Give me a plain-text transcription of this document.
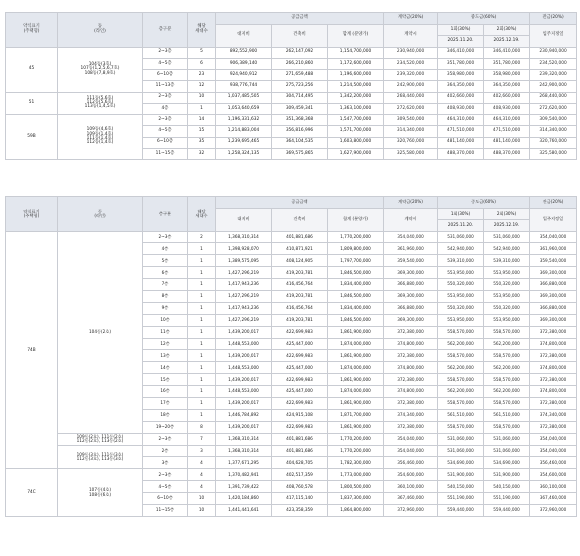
약식표기
(주택형)	동
(라인)	층구분	해당
세대수	공급금액			계약금(20%)	중도금(60%)		잔금(20%)
				대지비	건축비	합계 (분양가)	계약시	1회(30%)	2회(30%)	입주지정일
								2025.11.20.	2025.12.19.	
45	104동(3호)
107동(1,2,5,6,7호)
108동(7,8,9호)	2~3층	5	892,552,900	262,147,092	1,154,700,000	230,940,000	346,410,000	346,410,000	230,940,000
		4~5층	6	906,389,140	266,210,860	1,172,600,000	234,520,000	351,780,000	351,780,000	234,520,000
		6~10층	23	924,940,912	271,659,488	1,196,600,000	239,320,000	358,980,000	358,980,000	239,320,000
		11~13층	12	938,776,744	275,723,256	1,214,500,000	242,900,000	364,350,000	364,350,000	242,900,000
51	111동(5,6호)
112동(5,6호)
113동(1,4,5호)	2~3층	10	1,037,485,505	304,714,495	1,342,200,000	268,440,000	402,660,000	402,660,000	268,440,000
		4층	1	1,053,640,659	309,459,341	1,363,100,000	272,620,000	408,930,000	408,930,000	272,620,000
59B	109동(4,6호)
109동(1,4호)
111동(1,4호)
112동(1,4호)	2~3층	14	1,196,331,632	351,368,368	1,547,700,000	309,540,000	464,310,000	464,310,000	309,540,000
		4~5층	15	1,214,883,004	356,816,996	1,571,700,000	314,340,000	471,510,000	471,510,000	314,340,000
		6~10층	35	1,239,695,465	364,104,535	1,603,800,000	320,760,000	481,140,000	481,140,000	320,760,000
		11~15층	32	1,258,324,135	369,575,865	1,627,900,000	325,580,000	488,370,000	488,370,000	325,580,000
약식표기
(주택형)	동
(라인)	층구분	해당
세대수	공급금액			계약금(20%)	중도금(60%)		잔금(20%)
				대지비	건축비	합계 (분양가)	계약시	1회(30%)	2회(30%)	입주지정일
								2025.11.20.	2025.12.19.	
74B	104동(2호)	2~3층	2	1,368,310,314	401,881,686	1,770,200,000	354,040,000	531,060,000	531,060,000	354,040,000
		4층	1	1,398,928,070	410,871,921	1,809,800,000	361,960,000	542,940,000	542,940,000	361,960,000
		5층	1	1,389,575,095	408,124,905	1,797,700,000	359,540,000	539,310,000	539,310,000	359,540,000
		6층	1	1,427,296,219	419,203,781	1,846,500,000	369,300,000	553,950,000	553,950,000	369,300,000
		7층	1	1,417,943,236	416,456,764	1,834,400,000	366,880,000	550,320,000	550,320,000	366,880,000
		8층	1	1,427,296,219	419,203,781	1,846,500,000	369,300,000	553,950,000	553,950,000	369,300,000
		9층	1	1,417,943,236	416,456,764	1,834,400,000	366,880,000	550,320,000	550,320,000	366,880,000
		10층	1	1,427,296,219	419,203,781	1,846,500,000	369,300,000	553,950,000	553,950,000	369,300,000
		11층	1	1,439,200,017	422,699,983	1,861,900,000	372,380,000	558,570,000	558,570,000	372,380,000
		12층	1	1,448,553,000	425,447,000	1,874,000,000	374,800,000	562,200,000	562,200,000	374,800,000
		13층	1	1,439,200,017	422,699,983	1,861,900,000	372,380,000	558,570,000	558,570,000	372,380,000
		14층	1	1,448,553,000	425,447,000	1,874,000,000	374,800,000	562,200,000	562,200,000	374,800,000
		15층	1	1,439,200,017	422,699,983	1,861,900,000	372,380,000	558,570,000	558,570,000	372,380,000
		16층	1	1,448,553,000	425,447,000	1,874,000,000	374,800,000	562,200,000	562,200,000	374,800,000
		17층	1	1,439,200,017	422,699,983	1,861,900,000	372,380,000	558,570,000	558,570,000	372,380,000
		18층	1	1,446,784,892	424,915,108	1,871,700,000	374,340,000	561,510,000	561,510,000	374,340,000
		19~20층	8	1,439,200,017	422,699,983	1,861,900,000	372,380,000	558,570,000	558,570,000	372,380,000
	109동(2호), 111동(2호)
112동(2호), 113동(2호)	2~3층	7	1,368,310,314	401,881,686	1,770,200,000	354,040,000	531,060,000	531,060,000	354,040,000
	109동(3호), 111동(3호)
112동(3호), 113동(3호)	2층	3	1,368,310,314	401,881,686	1,770,200,000	354,040,000	531,060,000	531,060,000	354,040,000
		3층	4	1,377,671,295	404,628,705	1,782,300,000	356,460,000	534,690,000	534,690,000	356,460,000
74C	107동(4호)
108동(6호)	2~3층	4	1,370,482,941	402,517,359	1,773,000,000	354,600,000	531,900,000	531,900,000	354,600,000
		4~5층	4	1,391,739,422	408,760,578	1,800,500,000	360,100,000	540,150,000	540,150,000	360,100,000
		6~10층	10	1,420,184,860	417,115,140	1,837,300,000	367,460,000	551,190,000	551,190,000	367,460,000
		11~15층	10	1,441,441,641	423,358,359	1,864,800,000	372,960,000	559,440,000	559,440,000	372,960,000
